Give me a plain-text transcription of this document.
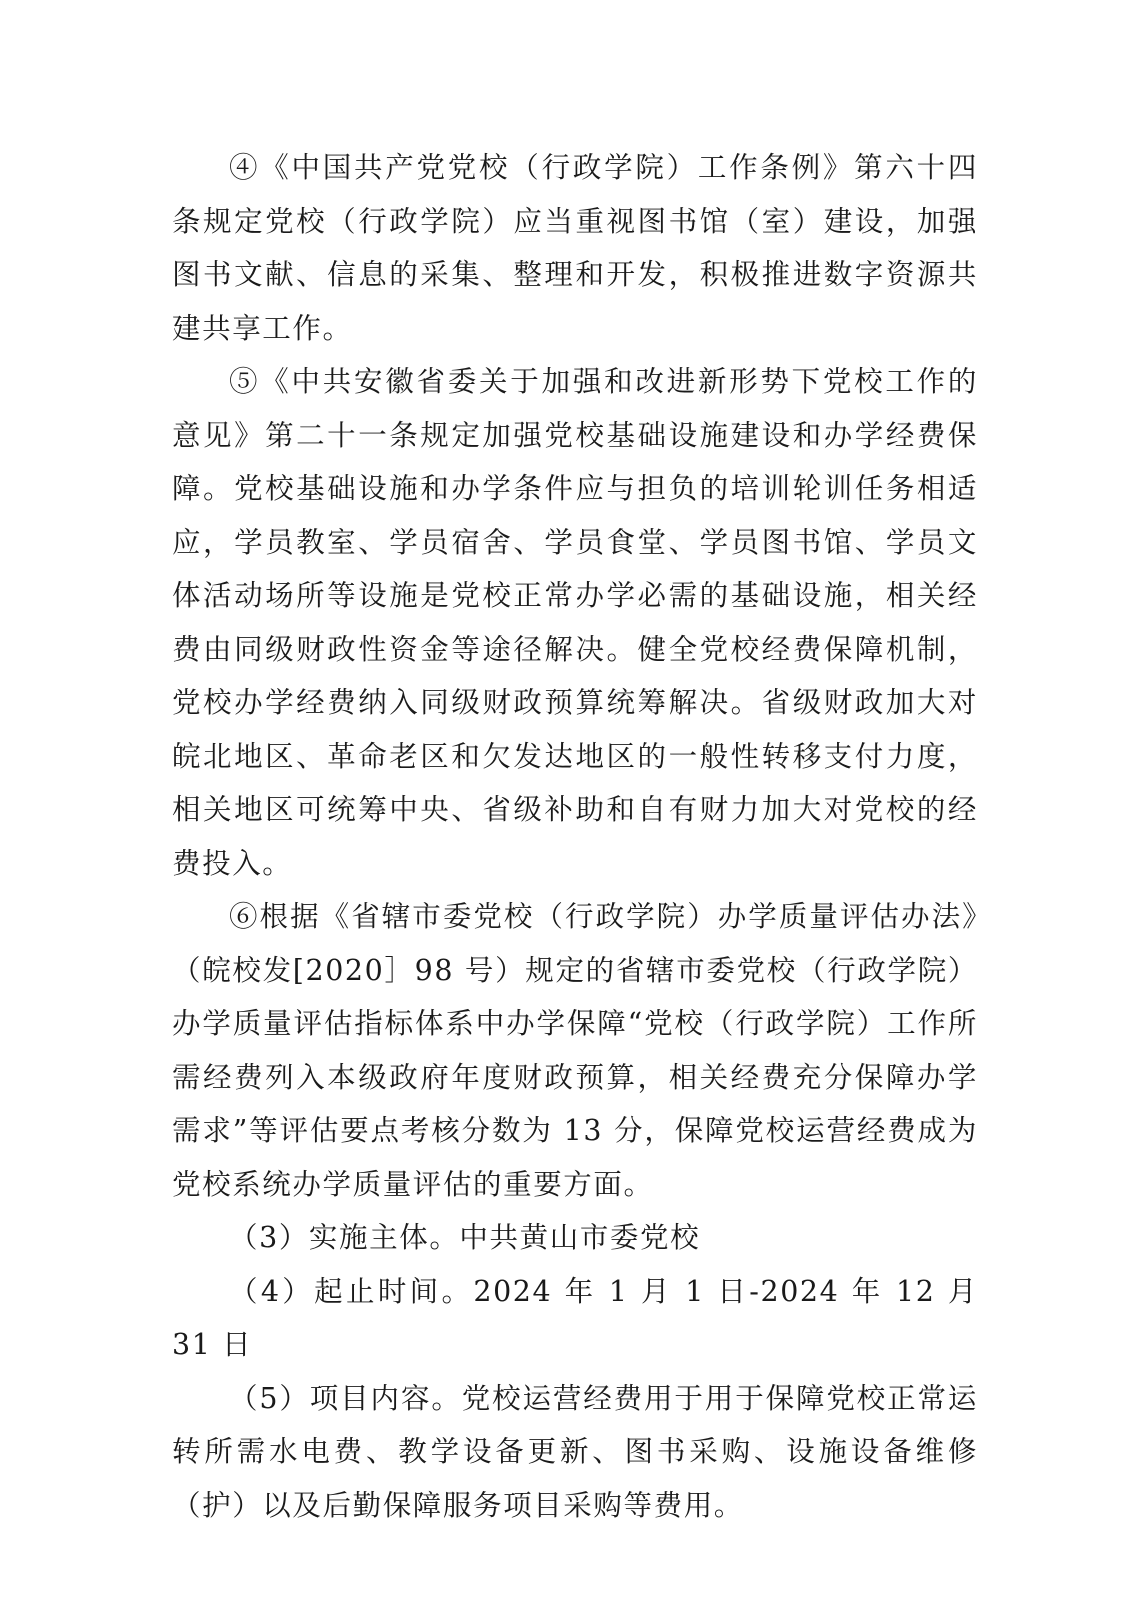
④《中国共产党党校（行政学院）工作条例》第六十四条规定党校（行政学院）应当重视图书馆（室）建设，加强图书文献、信息的采集、整理和开发，积极推进数字资源共建共享工作。

⑤《中共安徽省委关于加强和改进新形势下党校工作的意见》第二十一条规定加强党校基础设施建设和办学经费保障。党校基础设施和办学条件应与担负的培训轮训任务相适应，学员教室、学员宿舍、学员食堂、学员图书馆、学员文体活动场所等设施是党校正常办学必需的基础设施，相关经费由同级财政性资金等途径解决。健全党校经费保障机制，党校办学经费纳入同级财政预算统筹解决。省级财政加大对皖北地区、革命老区和欠发达地区的一般性转移支付力度，相关地区可统筹中央、省级补助和自有财力加大对党校的经费投入。

⑥根据《省辖市委党校（行政学院）办学质量评估办法》（皖校发[2020］98 号）规定的省辖市委党校（行政学院）办学质量评估指标体系中办学保障“党校（行政学院）工作所需经费列入本级政府年度财政预算，相关经费充分保障办学需求”等评估要点考核分数为 13 分，保障党校运营经费成为党校系统办学质量评估的重要方面。

（3）实施主体。中共黄山市委党校

（4）起止时间。2024 年 1 月 1 日-2024 年 12 月 31 日

（5）项目内容。党校运营经费用于用于保障党校正常运转所需水电费、教学设备更新、图书采购、设施设备维修（护）以及后勤保障服务项目采购等费用。
